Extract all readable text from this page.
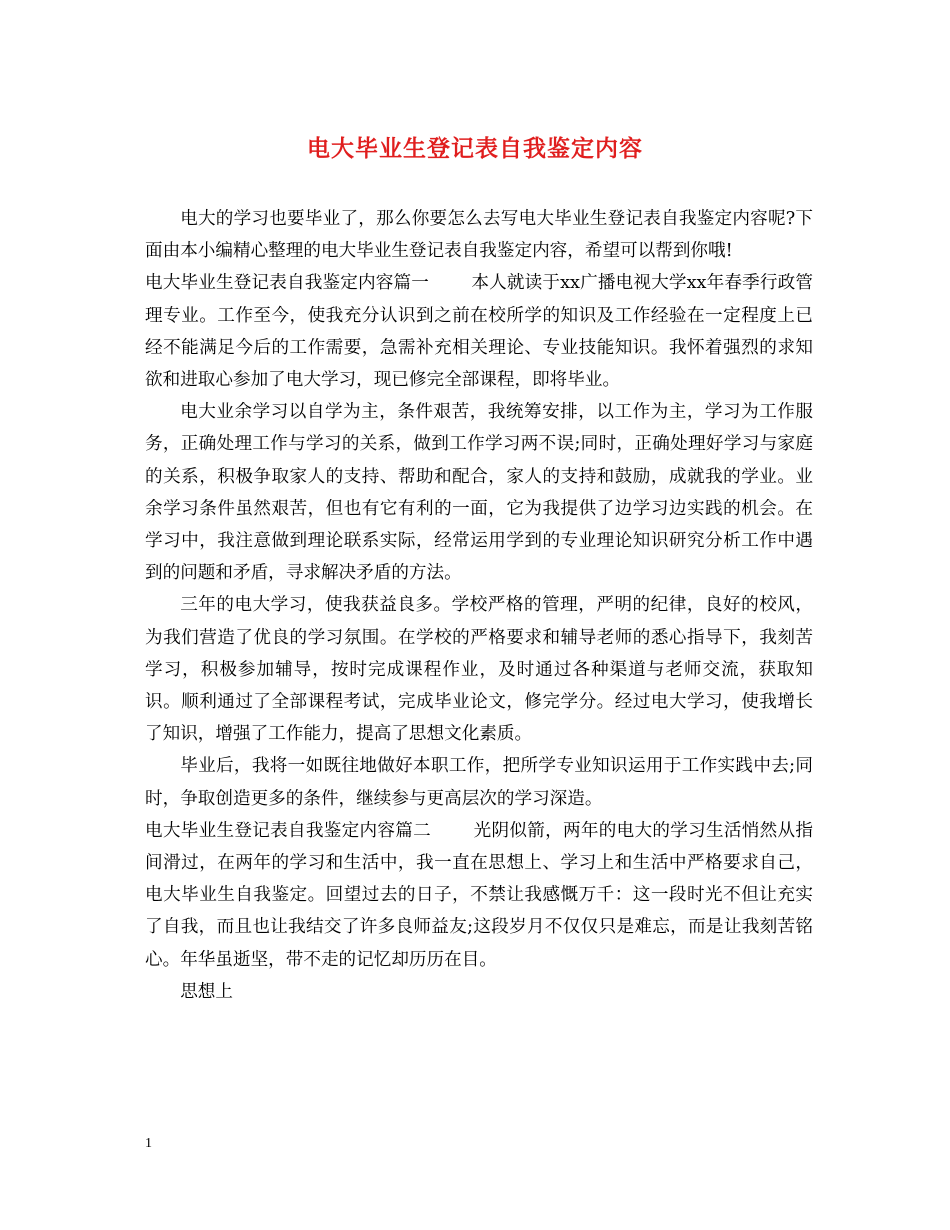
电大毕业生登记表自我鉴定内容

电大的学习也要毕业了，那么你要怎么去写电大毕业生登记表自我鉴定内容呢?下面由本小编精心整理的电大毕业生登记表自我鉴定内容，希望可以帮到你哦!

电大毕业生登记表自我鉴定内容篇一 本人就读于xx广播电视大学xx年春季行政管理专业。工作至今，使我充分认识到之前在校所学的知识及工作经验在一定程度上已经不能满足今后的工作需要，急需补充相关理论、专业技能知识。我怀着强烈的求知欲和进取心参加了电大学习，现已修完全部课程，即将毕业。

电大业余学习以自学为主，条件艰苦，我统筹安排，以工作为主，学习为工作服务，正确处理工作与学习的关系，做到工作学习两不误;同时，正确处理好学习与家庭的关系，积极争取家人的支持、帮助和配合，家人的支持和鼓励，成就我的学业。业余学习条件虽然艰苦，但也有它有利的一面，它为我提供了边学习边实践的机会。在学习中，我注意做到理论联系实际，经常运用学到的专业理论知识研究分析工作中遇到的问题和矛盾，寻求解决矛盾的方法。

三年的电大学习，使我获益良多。学校严格的管理，严明的纪律，良好的校风，为我们营造了优良的学习氛围。在学校的严格要求和辅导老师的悉心指导下，我刻苦学习，积极参加辅导，按时完成课程作业，及时通过各种渠道与老师交流，获取知识。顺利通过了全部课程考试，完成毕业论文，修完学分。经过电大学习，使我增长了知识，增强了工作能力，提高了思想文化素质。

毕业后，我将一如既往地做好本职工作，把所学专业知识运用于工作实践中去;同时，争取创造更多的条件，继续参与更高层次的学习深造。

电大毕业生登记表自我鉴定内容篇二 光阴似箭，两年的电大的学习生活悄然从指间滑过，在两年的学习和生活中，我一直在思想上、学习上和生活中严格要求自己，电大毕业生自我鉴定。回望过去的日子，不禁让我感慨万千：这一段时光不但让充实了自我，而且也让我结交了许多良师益友;这段岁月不仅仅只是难忘，而是让我刻苦铭心。年华虽逝坚，带不走的记忆却历历在目。

思想上

1
